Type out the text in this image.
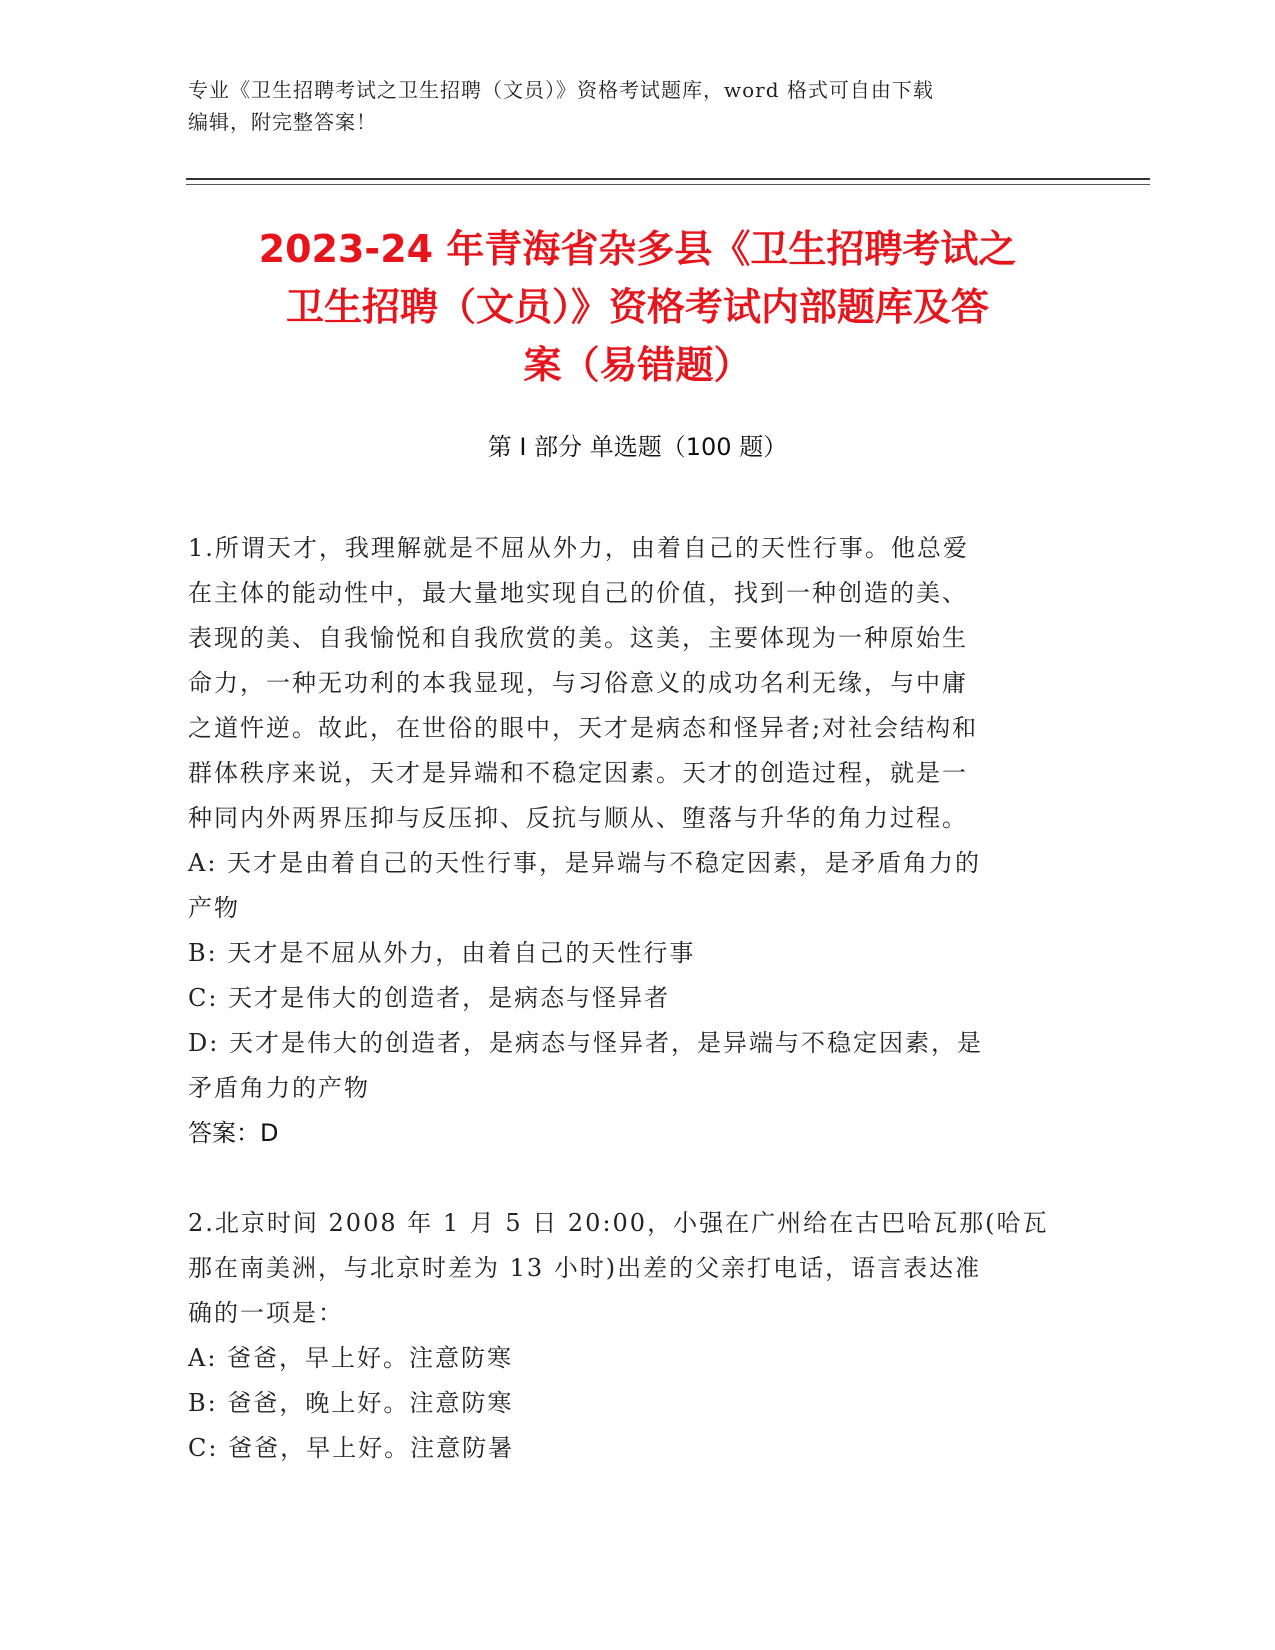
专业《卫生招聘考试之卫生招聘（文员）》资格考试题库，word 格式可自由下载
编辑，附完整答案！
2023-24 年青海省杂多县《卫生招聘考试之
卫生招聘（文员）》资格考试内部题库及答
案（易错题）
第 I 部分 单选题（100 题）
1.所谓天才，我理解就是不屈从外力，由着自己的天性行事。他总爱
在主体的能动性中，最大量地实现自己的价值，找到一种创造的美、
表现的美、自我愉悦和自我欣赏的美。这美，主要体现为一种原始生
命力，一种无功利的本我显现，与习俗意义的成功名利无缘，与中庸
之道忤逆。故此，在世俗的眼中，天才是病态和怪异者;对社会结构和
群体秩序来说，天才是异端和不稳定因素。天才的创造过程，就是一
种同内外两界压抑与反压抑、反抗与顺从、堕落与升华的角力过程。
A: 天才是由着自己的天性行事，是异端与不稳定因素，是矛盾角力的
产物
B: 天才是不屈从外力，由着自己的天性行事
C: 天才是伟大的创造者，是病态与怪异者
D: 天才是伟大的创造者，是病态与怪异者，是异端与不稳定因素，是
矛盾角力的产物
答案：D
2.北京时间 2008 年 1 月 5 日 20:00，小强在广州给在古巴哈瓦那(哈瓦
那在南美洲，与北京时差为 13 小时)出差的父亲打电话，语言表达准
确的一项是：
A: 爸爸，早上好。注意防寒
B: 爸爸，晚上好。注意防寒
C: 爸爸，早上好。注意防暑
